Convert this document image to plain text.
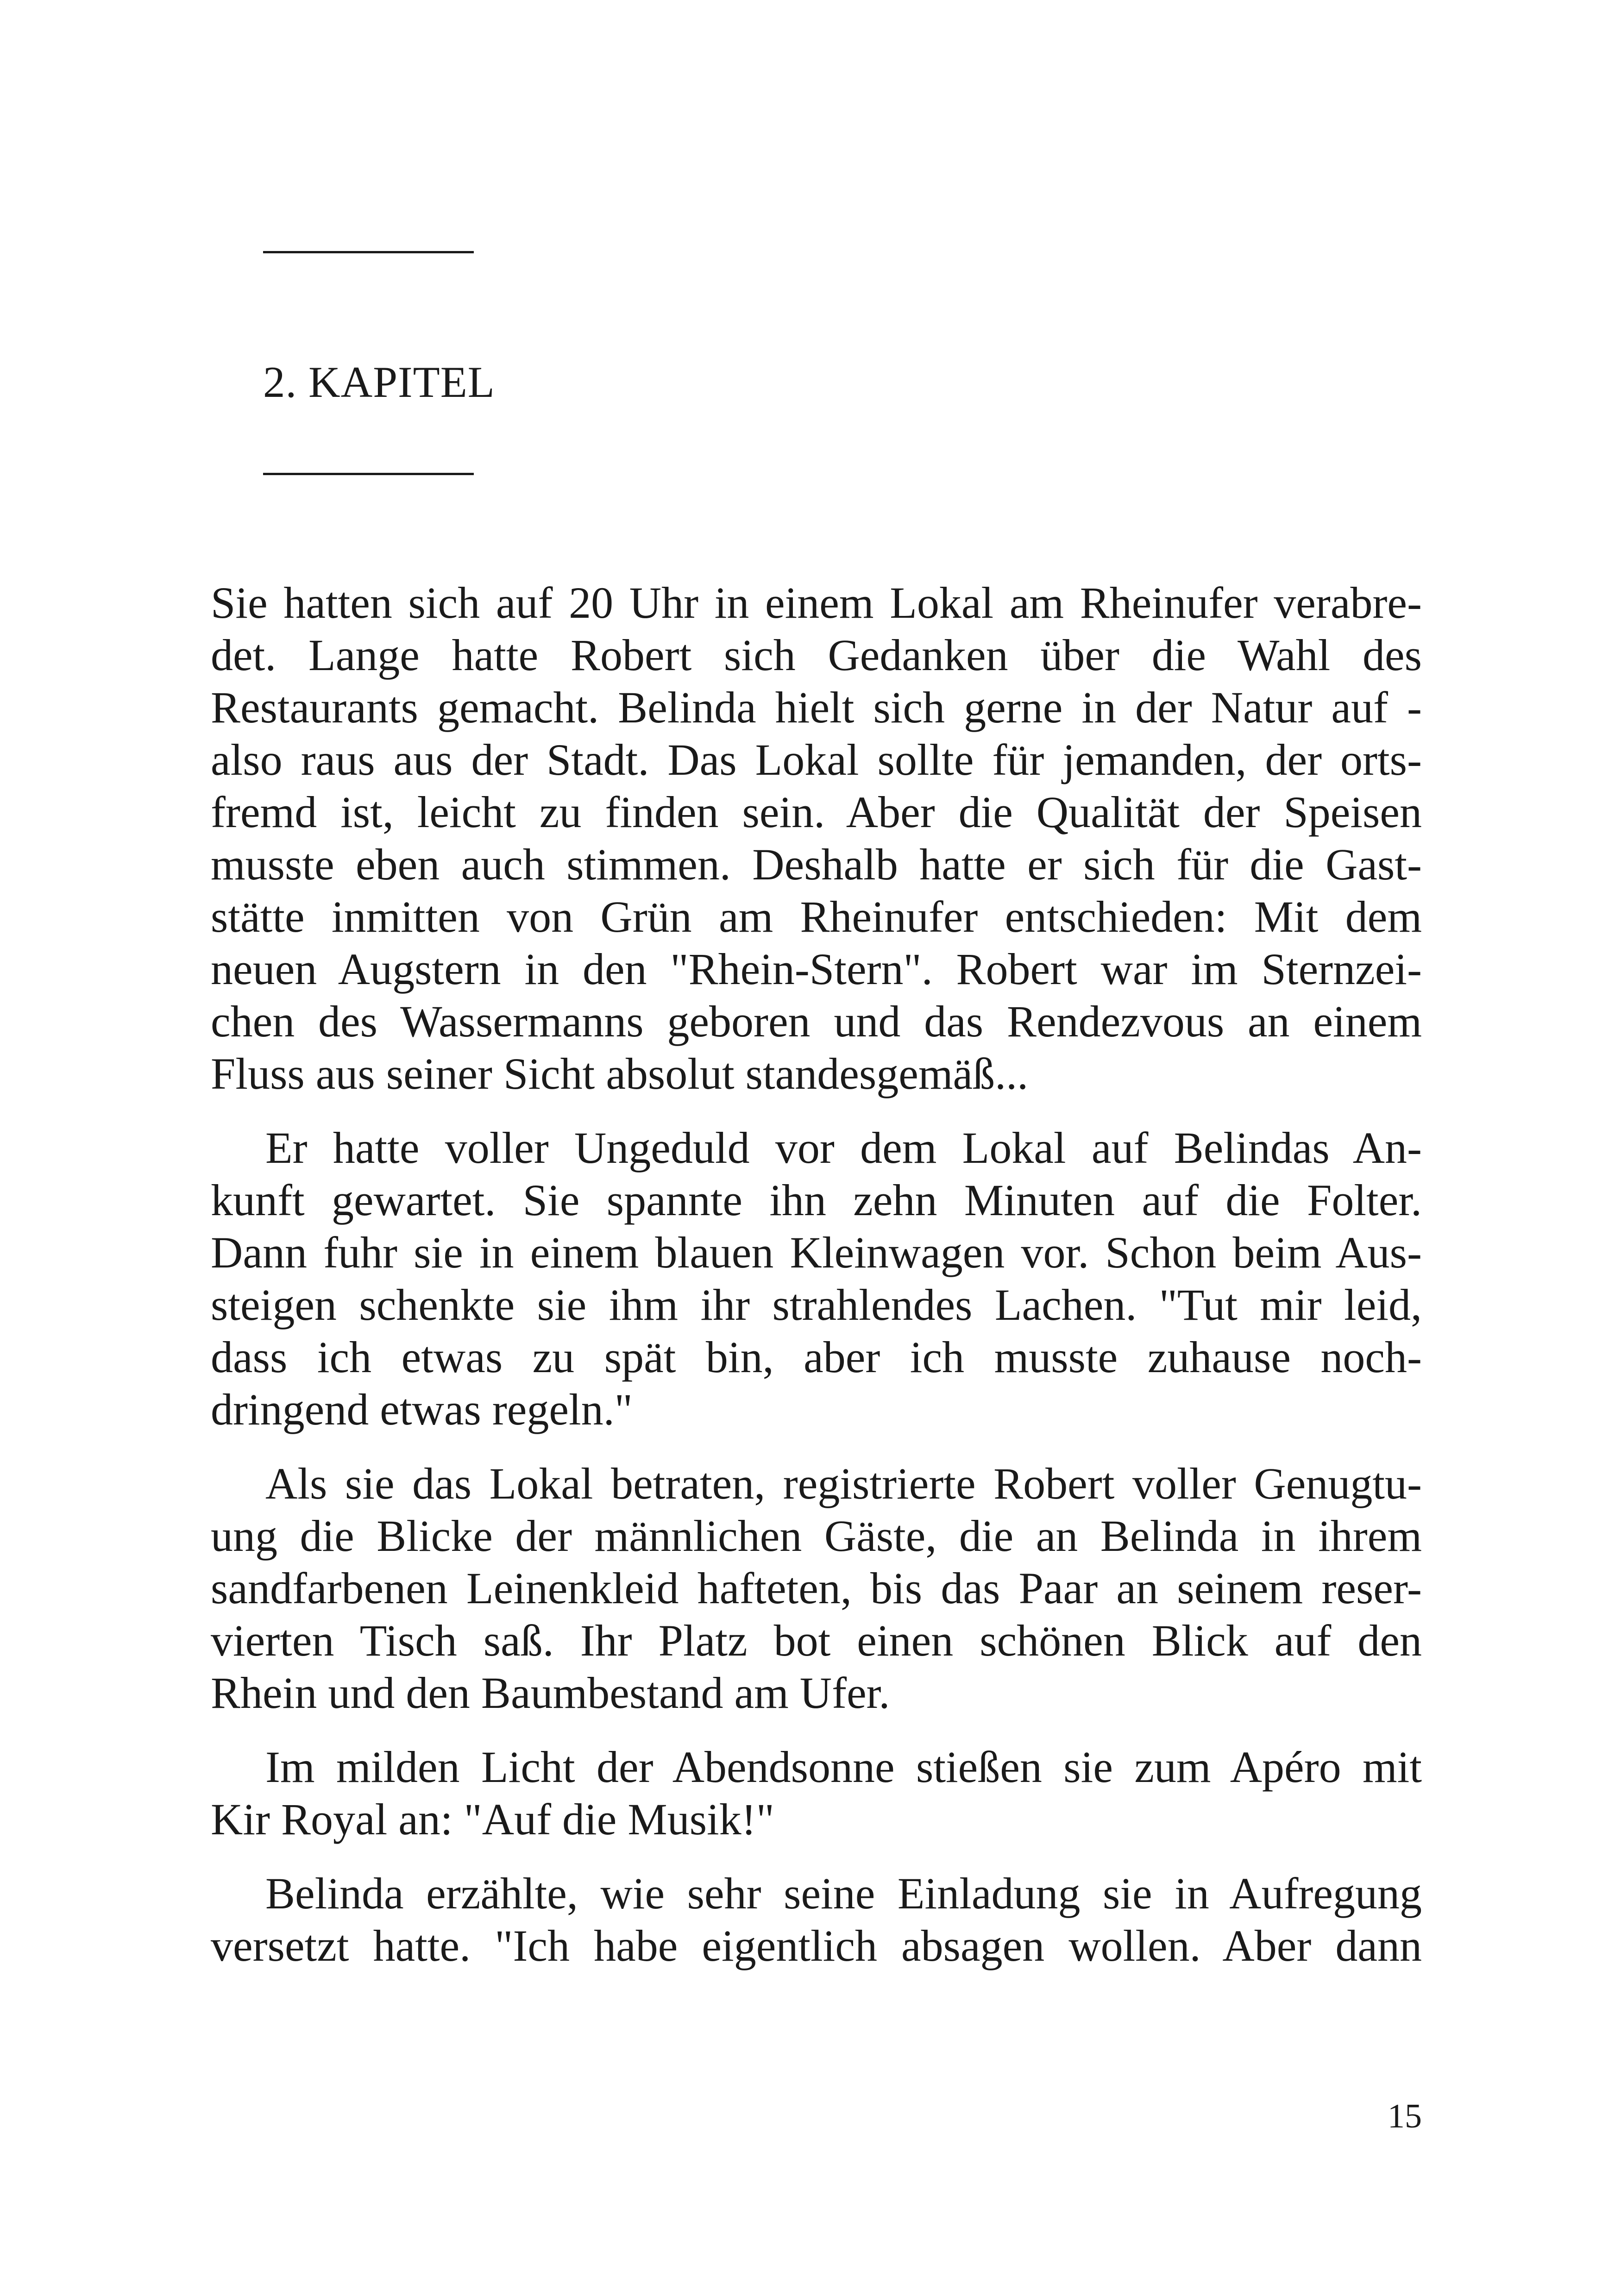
2. KAPITEL
Sie hatten sich auf 20 Uhr in einem Lokal am Rheinufer verabre-
det. Lange hatte Robert sich Gedanken über die Wahl des
Restaurants gemacht. Belinda hielt sich gerne in der Natur auf -
also raus aus der Stadt. Das Lokal sollte für jemanden, der orts-
fremd ist, leicht zu finden sein. Aber die Qualität der Speisen
musste eben auch stimmen. Deshalb hatte er sich für die Gast-
stätte inmitten von Grün am Rheinufer entschieden: Mit dem
neuen Augstern in den "Rhein-Stern". Robert war im Sternzei-
chen des Wassermanns geboren und das Rendezvous an einem
Fluss aus seiner Sicht absolut standesgemäß...
Er hatte voller Ungeduld vor dem Lokal auf Belindas An-
kunft gewartet. Sie spannte ihn zehn Minuten auf die Folter.
Dann fuhr sie in einem blauen Kleinwagen vor. Schon beim Aus-
steigen schenkte sie ihm ihr strahlendes Lachen. "Tut mir leid,
dass ich etwas zu spät bin, aber ich musste zuhause noch-
dringend etwas regeln."
Als sie das Lokal betraten, registrierte Robert voller Genugtu-
ung die Blicke der männlichen Gäste, die an Belinda in ihrem
sandfarbenen Leinenkleid hafteten, bis das Paar an seinem reser-
vierten Tisch saß. Ihr Platz bot einen schönen Blick auf den
Rhein und den Baumbestand am Ufer.
Im milden Licht der Abendsonne stießen sie zum Apéro mit
Kir Royal an: "Auf die Musik!"
Belinda erzählte, wie sehr seine Einladung sie in Aufregung
versetzt hatte. "Ich habe eigentlich absagen wollen. Aber dann
15
